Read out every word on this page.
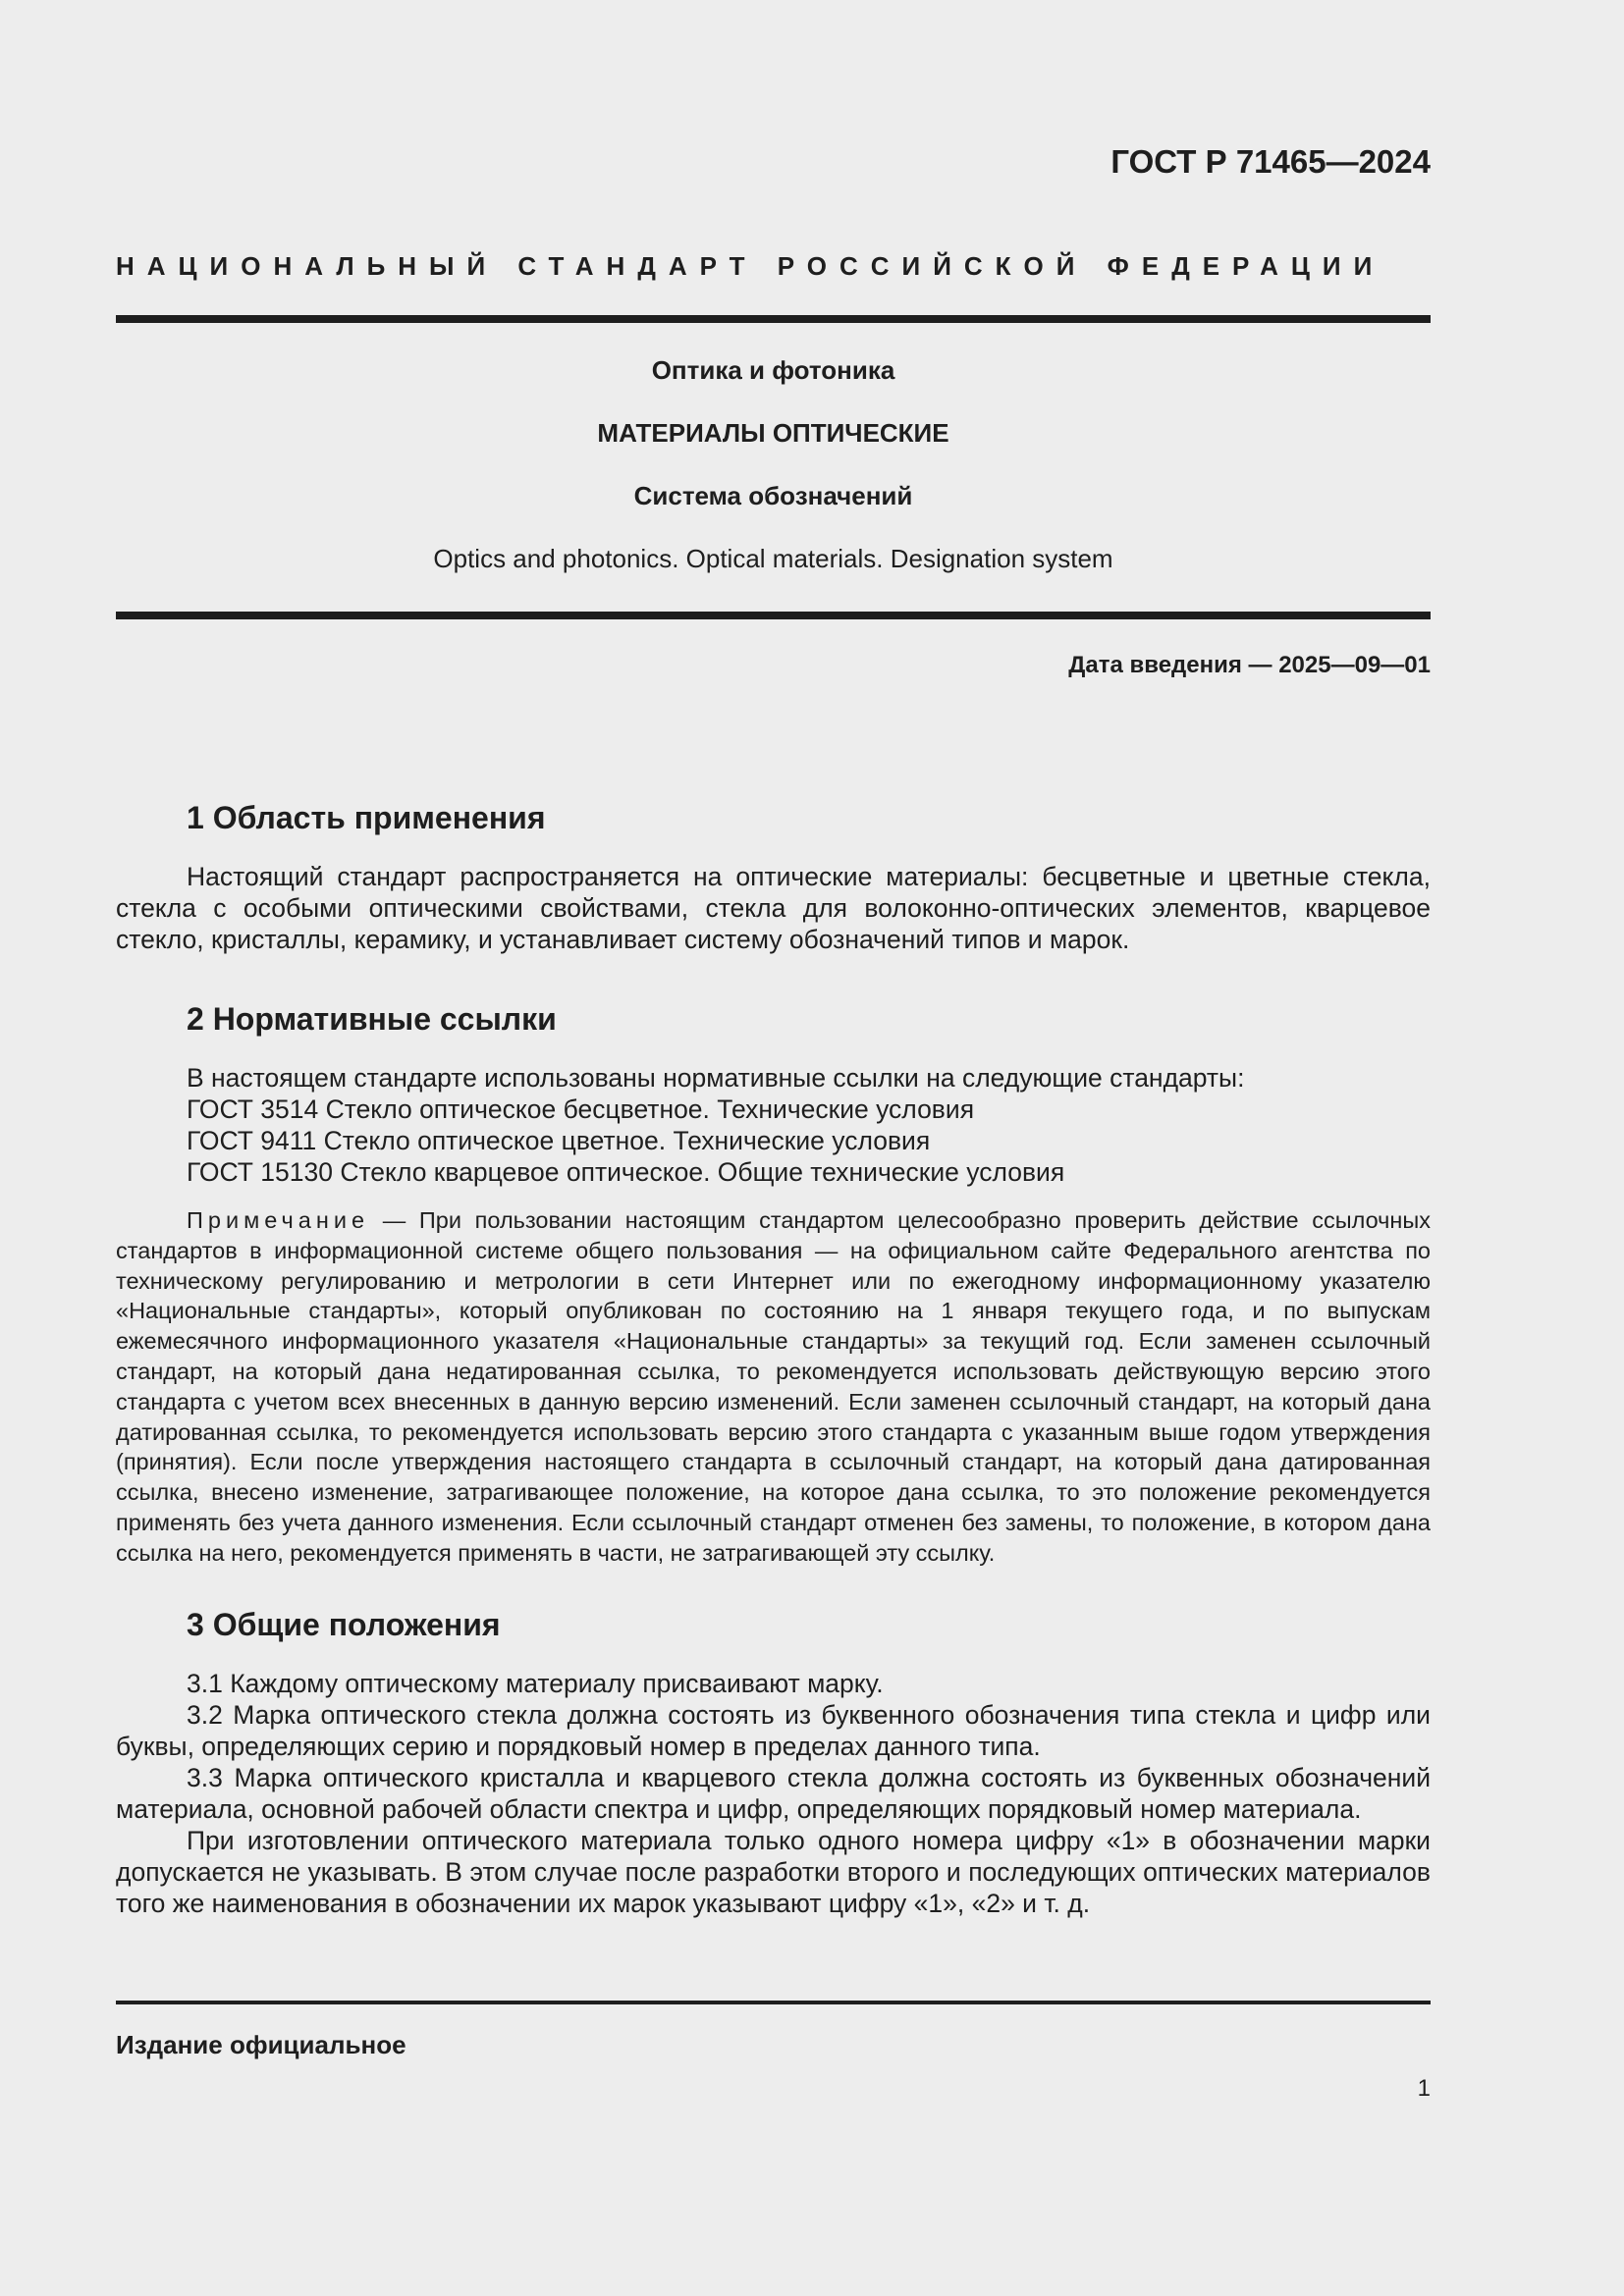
ГОСТ Р 71465—2024
НАЦИОНАЛЬНЫЙ СТАНДАРТ РОССИЙСКОЙ ФЕДЕРАЦИИ
Оптика и фотоника
МАТЕРИАЛЫ ОПТИЧЕСКИЕ
Система обозначений
Optics and photonics. Optical materials. Designation system
Дата введения — 2025—09—01
1 Область применения

Настоящий стандарт распространяется на оптические материалы: бесцветные и цветные стекла, стекла с особыми оптическими свойствами, стекла для волоконно-оптических элементов, кварцевое стекло, кристаллы, керамику, и устанавливает систему обозначений типов и марок.

2 Нормативные ссылки
В настоящем стандарте использованы нормативные ссылки на следующие стандарты:
ГОСТ 3514 Стекло оптическое бесцветное. Технические условия
ГОСТ 9411 Стекло оптическое цветное. Технические условия
ГОСТ 15130 Стекло кварцевое оптическое. Общие технические условия

Примечание — При пользовании настоящим стандартом целесообразно проверить действие ссылочных стандартов в информационной системе общего пользования — на официальном сайте Федерального агентства по техническому регулированию и метрологии в сети Интернет или по ежегодному информационному указателю «Национальные стандарты», который опубликован по состоянию на 1 января текущего года, и по выпускам ежемесячного информационного указателя «Национальные стандарты» за текущий год. Если заменен ссылочный стандарт, на который дана недатированная ссылка, то рекомендуется использовать действующую версию этого стандарта с учетом всех внесенных в данную версию изменений. Если заменен ссылочный стандарт, на который дана датированная ссылка, то рекомендуется использовать версию этого стандарта с указанным выше годом утверждения (принятия). Если после утверждения настоящего стандарта в ссылочный стандарт, на который дана датированная ссылка, внесено изменение, затрагивающее положение, на которое дана ссылка, то это положение рекомендуется применять без учета данного изменения. Если ссылочный стандарт отменен без замены, то положение, в котором дана ссылка на него, рекомендуется применять в части, не затрагивающей эту ссылку.

3 Общие положения

3.1 Каждому оптическому материалу присваивают марку.

3.2 Марка оптического стекла должна состоять из буквенного обозначения типа стекла и цифр или буквы, определяющих серию и порядковый номер в пределах данного типа.

3.3 Марка оптического кристалла и кварцевого стекла должна состоять из буквенных обозначений материала, основной рабочей области спектра и цифр, определяющих порядковый номер материала.

При изготовлении оптического материала только одного номера цифру «1» в обозначении марки допускается не указывать. В этом случае после разработки второго и последующих оптических материалов того же наименования в обозначении их марок указывают цифру «1», «2» и т. д.

Издание официальное
1
